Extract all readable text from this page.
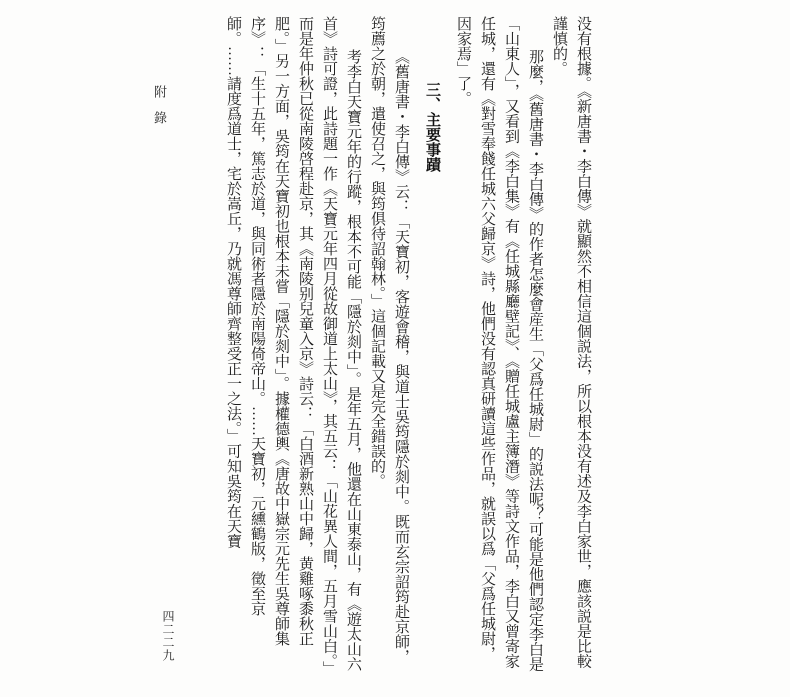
没有根據。《新唐書・李白傳》就顯然不相信這個説法，所以根本没有述及李白家世，應該説是比較謹慎的。

那麼，《舊唐書・李白傳》的作者怎麼會産生「父爲任城尉」的説法呢？可能是他們認定李白是「山東人」，又看到《李白集》有《任城縣廳壁記》、《贈任城盧主簿潛》等詩文作品，李白又曾寄家任城，還有《對雪奉餞任城六父歸京》詩，他們没有認真研讀這些作品，就誤以爲「父爲任城尉，因家焉」了。

三、主要事蹟

《舊唐書・李白傳》云：「天寶初，客遊會稽，與道士吳筠隱於剡中。既而玄宗詔筠赴京師，筠薦之於朝，遣使召之，與筠俱待詔翰林。」這個記載又是完全錯誤的。

考李白天寶元年的行蹤，根本不可能「隱於剡中」。是年五月，他還在山東泰山，有《遊太山六首》詩可證，此詩題一作《天寶元年四月從故御道上太山》，其五云：「山花異人間，五月雪山白。」而是年仲秋已從南陵啓程赴京，其《南陵别兒童入京》詩云：「白酒新熟山中歸，黄雞啄黍秋正肥。」另一方面，吳筠在天寶初也根本未嘗「隱於剡中」。據權德輿《唐故中嶽宗元先生吳尊師集序》：「生十五年，篤志於道，與同術者隱於南陽倚帝山。……天寶初，元纁鶴版，徵至京師。……請度爲道士，宅於嵩丘，乃就馮尊師齊整受正一之法。」可知吳筠在天寶

附錄
四二二九
